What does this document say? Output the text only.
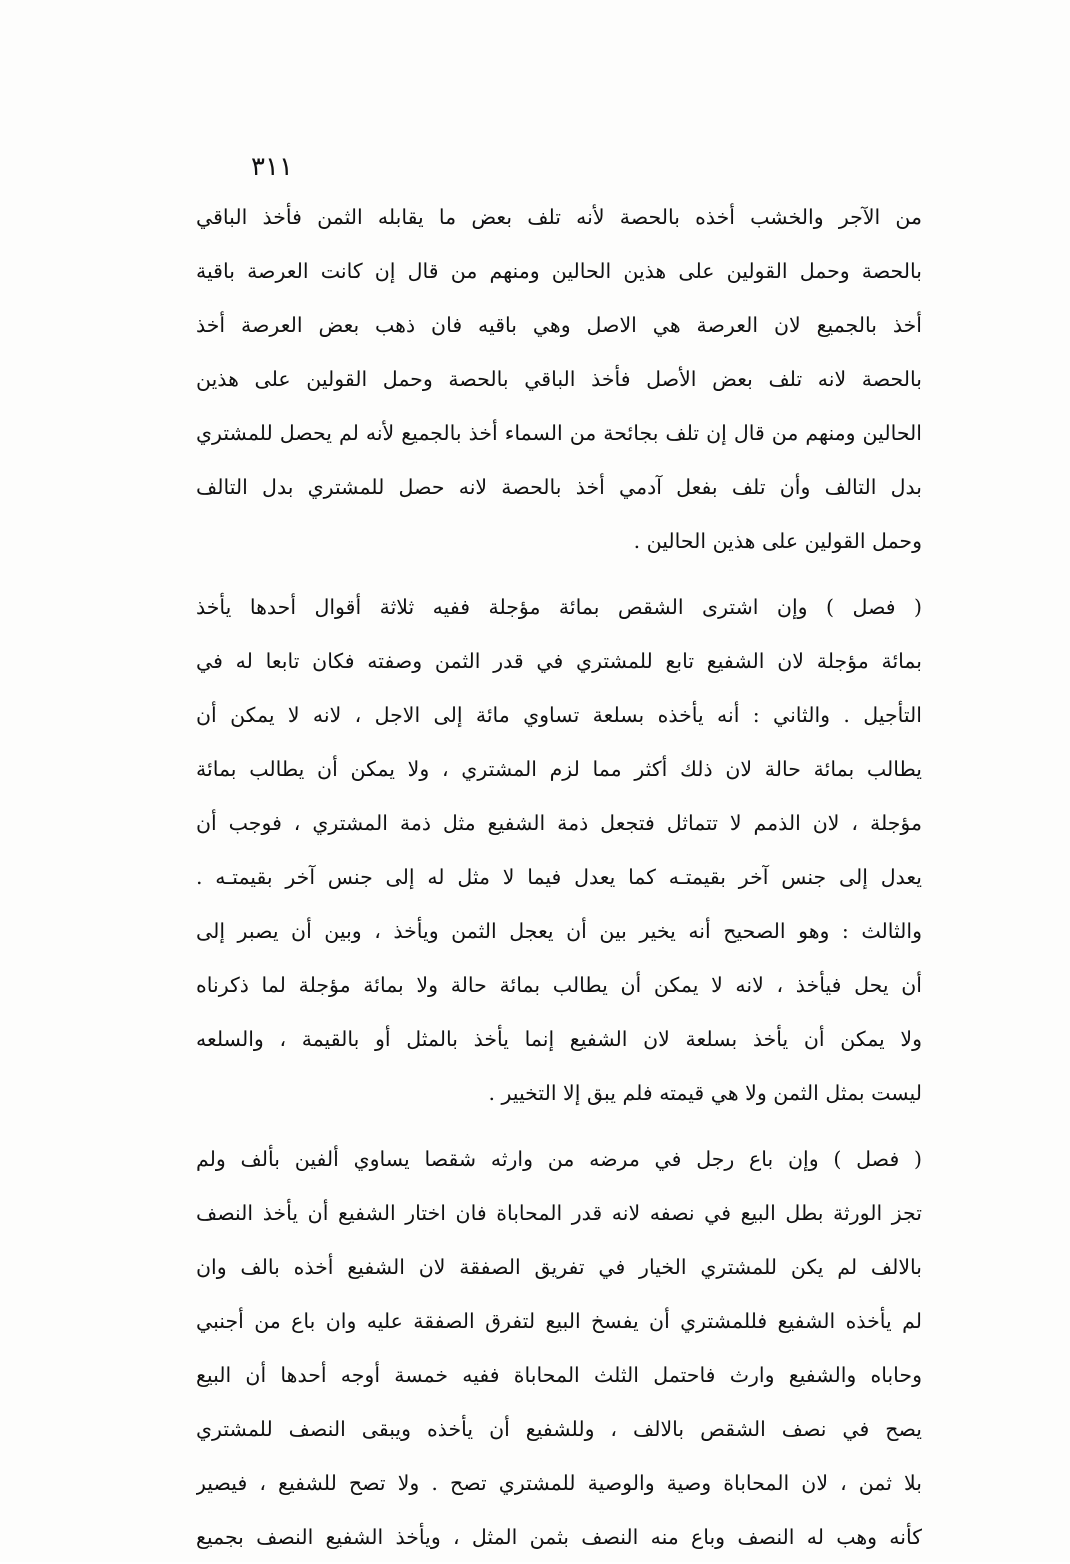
٣١١
من الآجر والخشب أخذه بالحصة لأنه تلف بعض ما يقابله الثمن فأخذ الباقي
بالحصة وحمل القولين على هذين الحالين ومنهم من قال إن كانت العرصة باقية
أخذ بالجميع لان العرصة هي الاصل وهي باقيه فان ذهب بعض العرصة أخذ
بالحصة لانه تلف بعض الأصل فأخذ الباقي بالحصة وحمل القولين على هذين
الحالين ومنهم من قال إن تلف بجائحة من السماء أخذ بالجميع لأنه لم يحصل للمشتري
بدل التالف وأن تلف بفعل آدمي أخذ بالحصة لانه حصل للمشتري بدل التالف
وحمل القولين على هذين الحالين .
( فصل ) وإن اشترى الشقص بمائة مؤجلة ففيه ثلاثة أقوال أحدها يأخذ
بمائة مؤجلة لان الشفيع تابع للمشتري في قدر الثمن وصفته فكان تابعا له في
التأجيل . والثاني : أنه يأخذه بسلعة تساوي مائة إلى الاجل ، لانه لا يمكن أن
يطالب بمائة حالة لان ذلك أكثر مما لزم المشتري ، ولا يمكن أن يطالب بمائة
مؤجلة ، لان الذمم لا تتماثل فتجعل ذمة الشفيع مثل ذمة المشتري ، فوجب أن
يعدل إلى جنس آخر بقيمتـه كما يعدل فيما لا مثل له إلى جنس آخر بقيمتـه .
والثالث : وهو الصحيح أنه يخير بين أن يعجل الثمن ويأخذ ، وبين أن يصبر إلى
أن يحل فيأخذ ، لانه لا يمكن أن يطالب بمائة حالة ولا بمائة مؤجلة لما ذكرناه
ولا يمكن أن يأخذ بسلعة لان الشفيع إنما يأخذ بالمثل أو بالقيمة ، والسلعه
ليست بمثل الثمن ولا هي قيمته فلم يبق إلا التخيير .
( فصل ) وإن باع رجل في مرضه من وارثه شقصا يساوي ألفين بألف ولم
تجز الورثة بطل البيع في نصفه لانه قدر المحاباة فان اختار الشفيع أن يأخذ النصف
بالالف لم يكن للمشتري الخيار في تفريق الصفقة لان الشفيع أخذه بالف وان
لم يأخذه الشفيع فللمشتري أن يفسخ البيع لتفرق الصفقة عليه وان باع من أجنبي
وحاباه والشفيع وارث فاحتمل الثلث المحاباة ففيه خمسة أوجه أحدها أن البيع
يصح في نصف الشقص بالالف ، وللشفيع أن يأخذه ويبقى النصف للمشتري
بلا ثمن ، لان المحاباة وصية والوصية للمشتري تصح . ولا تصح للشفيع ، فيصير
كأنه وهب له النصف وباع منه النصف بثمن المثل ، ويأخذ الشفيع النصف بجميع
